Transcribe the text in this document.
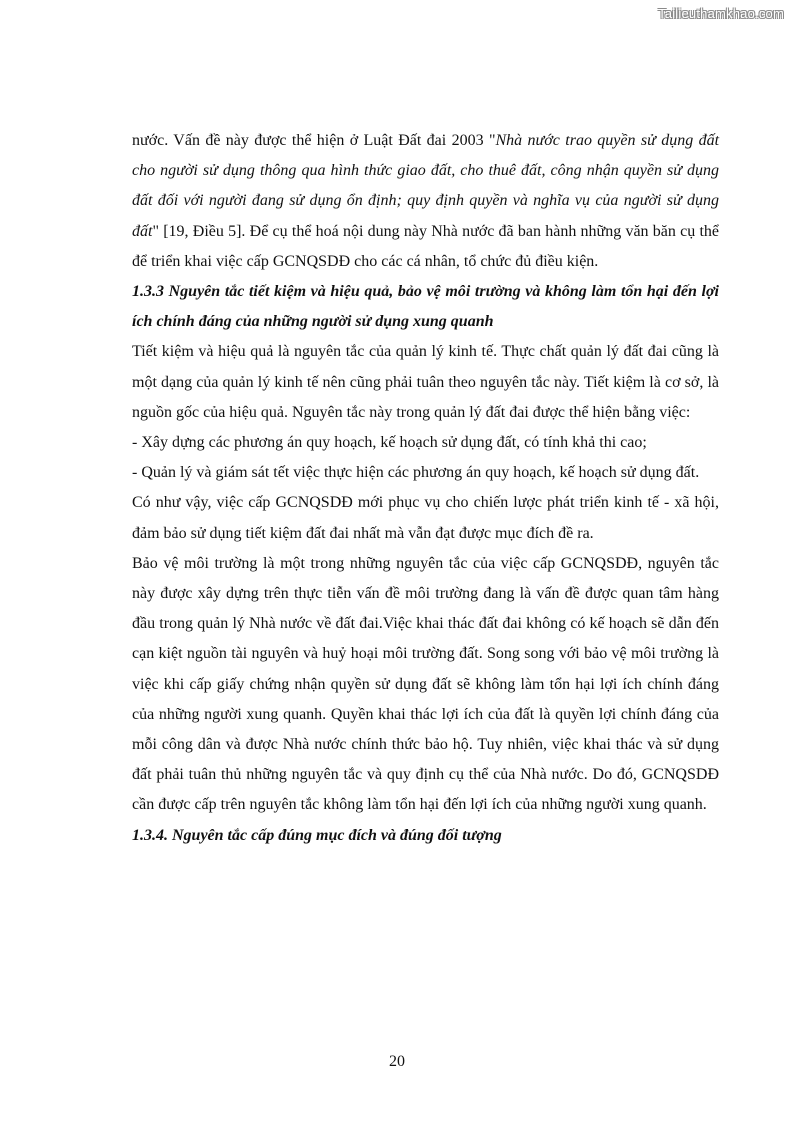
Tailieuthamkhao.com

nước. Vấn đề này được thể hiện ở Luật Đất đai 2003 "Nhà nước trao quyền sử dụng đất cho người sử dụng thông qua hình thức giao đất, cho thuê đất, công nhận quyền sử dụng đất đối với người đang sử dụng ổn định; quy định quyền và nghĩa vụ của người sử dụng đất" [19, Điều 5]. Để cụ thể hoá nội dung này Nhà nước đã ban hành những văn băn cụ thể để triển khai việc cấp GCNQSDĐ cho các cá nhân, tổ chức đủ điều kiện.

1.3.3 Nguyên tắc tiết kiệm và hiệu quả, bảo vệ môi trường và không làm tổn hại đến lợi ích chính đáng của những người sử dụng xung quanh

Tiết kiệm và hiệu quả là nguyên tắc của quản lý kinh tế. Thực chất quản lý đất đai cũng là một dạng của quản lý kinh tế nên cũng phải tuân theo nguyên tắc này. Tiết kiệm là cơ sở, là nguồn gốc của hiệu quả. Nguyên tắc này trong quản lý đất đai được thể hiện bằng việc:

- Xây dựng các phương án quy hoạch, kế hoạch sử dụng đất, có tính khả thi cao;

- Quản lý và giám sát tết việc thực hiện các phương án quy hoạch, kế hoạch sử dụng đất.

Có như vậy, việc cấp GCNQSDĐ mới phục vụ cho chiến lược phát triển kinh tế - xã hội, đảm bảo sử dụng tiết kiệm đất đai nhất mà vẫn đạt được mục đích đề ra.

Bảo vệ môi trường là một trong những nguyên tắc của việc cấp GCNQSDĐ, nguyên tắc này được xây dựng trên thực tiễn vấn đề môi trường đang là vấn đề được quan tâm hàng đầu trong quản lý Nhà nước về đất đai.Việc khai thác đất đai không có kế hoạch sẽ dẫn đến cạn kiệt nguồn tài nguyên và huỷ hoại môi trường đất. Song song với bảo vệ môi trường là việc khi cấp giấy chứng nhận quyền sử dụng đất sẽ không làm tổn hại lợi ích chính đáng của những người xung quanh. Quyền khai thác lợi ích của đất là quyền lợi chính đáng của mỗi công dân và được Nhà nước chính thức bảo hộ. Tuy nhiên, việc khai thác và sử dụng đất phải tuân thủ những nguyên tắc và quy định cụ thể của Nhà nước. Do đó, GCNQSDĐ cần được cấp trên nguyên tắc không làm tổn hại đến lợi ích của những người xung quanh.

1.3.4. Nguyên tắc cấp đúng mục đích và đúng đối tượng

20
